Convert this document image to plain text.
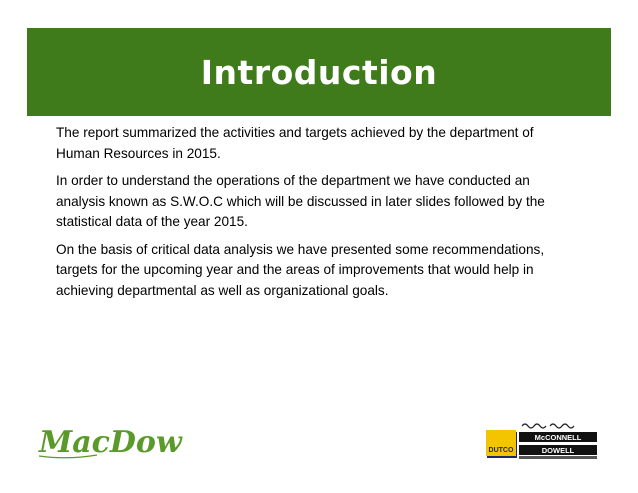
Introduction

The report summarized the activities and targets achieved by the department of Human Resources in 2015.

In order to understand the operations of the department we have conducted an analysis known as S.W.O.C which will be discussed in later slides followed by the statistical data of the year 2015.

On the basis of critical data analysis we have presented some recommendations, targets for the upcoming year and the areas of improvements that would help in achieving departmental as well as organizational goals.

MacDow	DUTCO
McCONNELL
DOWELL
